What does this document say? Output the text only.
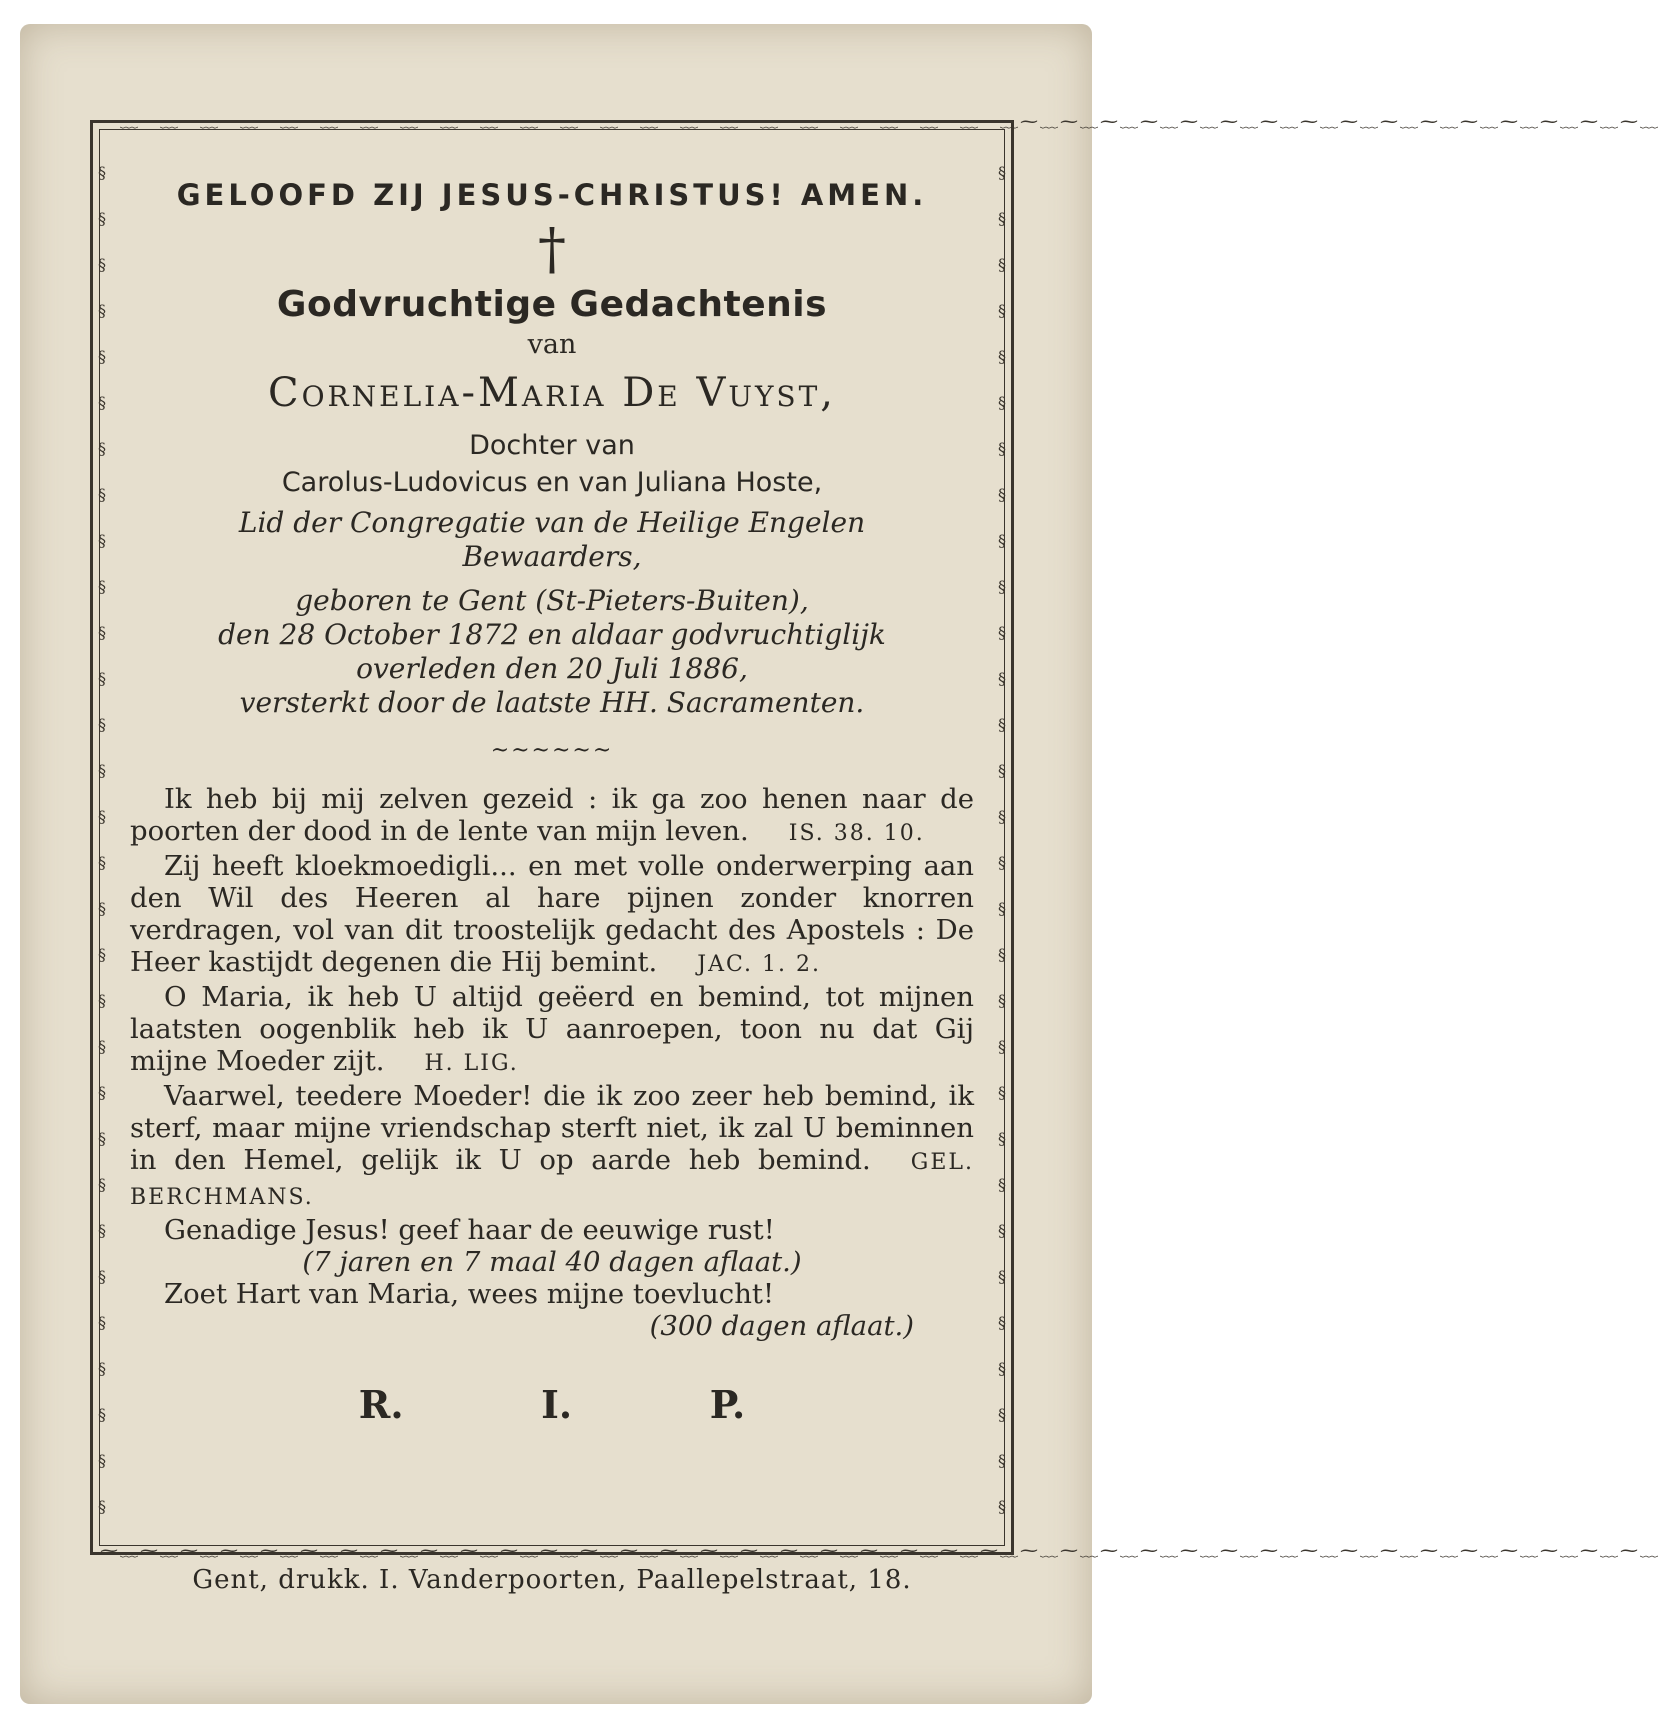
⁓﹏⁓﹏⁓﹏⁓﹏⁓﹏⁓﹏⁓﹏⁓﹏⁓﹏⁓﹏⁓﹏⁓﹏⁓﹏⁓﹏⁓﹏⁓﹏⁓﹏⁓﹏⁓﹏⁓﹏⁓﹏⁓﹏⁓﹏⁓﹏⁓﹏⁓﹏⁓﹏⁓﹏⁓﹏⁓﹏⁓﹏⁓﹏⁓﹏⁓﹏⁓﹏⁓﹏⁓﹏⁓﹏⁓﹏
⁓﹏⁓﹏⁓﹏⁓﹏⁓﹏⁓﹏⁓﹏⁓﹏⁓﹏⁓﹏⁓﹏⁓﹏⁓﹏⁓﹏⁓﹏⁓﹏⁓﹏⁓﹏⁓﹏⁓﹏⁓﹏⁓﹏⁓﹏⁓﹏⁓﹏⁓﹏⁓﹏⁓﹏⁓﹏⁓﹏⁓﹏⁓﹏⁓﹏⁓﹏⁓﹏⁓﹏⁓﹏⁓﹏⁓﹏
§ § § § § § § § § § § § § § § § § § § § § § § § § § § § § §
§ § § § § § § § § § § § § § § § § § § § § § § § § § § § § §
GELOOFD ZIJ JESUS-CHRISTUS! AMEN.
†
Godvruchtige Gedachtenis
van
Cornelia-Maria De Vuyst,
Dochter van
Carolus-Ludovicus en van Juliana Hoste,

Lid der Congregatie van de Heilige Engelen

Bewaarders,

geboren te Gent (St-Pieters-Buiten),

den 28 October 1872 en aldaar godvruchtiglijk

overleden den 20 Juli 1886,

versterkt door de laatste HH. Sacramenten.

~~~~~~

Ik heb bij mij zelven gezeid : ik ga zoo henen naar de poorten der dood in de lente van mijn leven. IS. 38. 10.

Zij heeft kloekmoedigli... en met volle onderwerping aan den Wil des Heeren al hare pijnen zonder knorren verdragen, vol van dit troostelijk gedacht des Apostels : De Heer kastijdt degenen die Hij bemint. JAC. 1. 2.

O Maria, ik heb U altijd geëerd en bemind, tot mijnen laatsten oogenblik heb ik U aanroepen, toon nu dat Gij mijne Moeder zijt. H. LIG.

Vaarwel, teedere Moeder! die ik zoo zeer heb bemind, ik sterf, maar mijne vriendschap sterft niet, ik zal U beminnen in den Hemel, gelijk ik U op aarde heb bemind. GEL. BERCHMANS.

Genadige Jesus! geef haar de eeuwige rust!

(7 jaren en 7 maal 40 dagen aflaat.)

Zoet Hart van Maria, wees mijne toevlucht!

(300 dagen aflaat.)

R.	I.	P.
Gent, drukk. I. Vanderpoorten, Paallepelstraat, 18.
